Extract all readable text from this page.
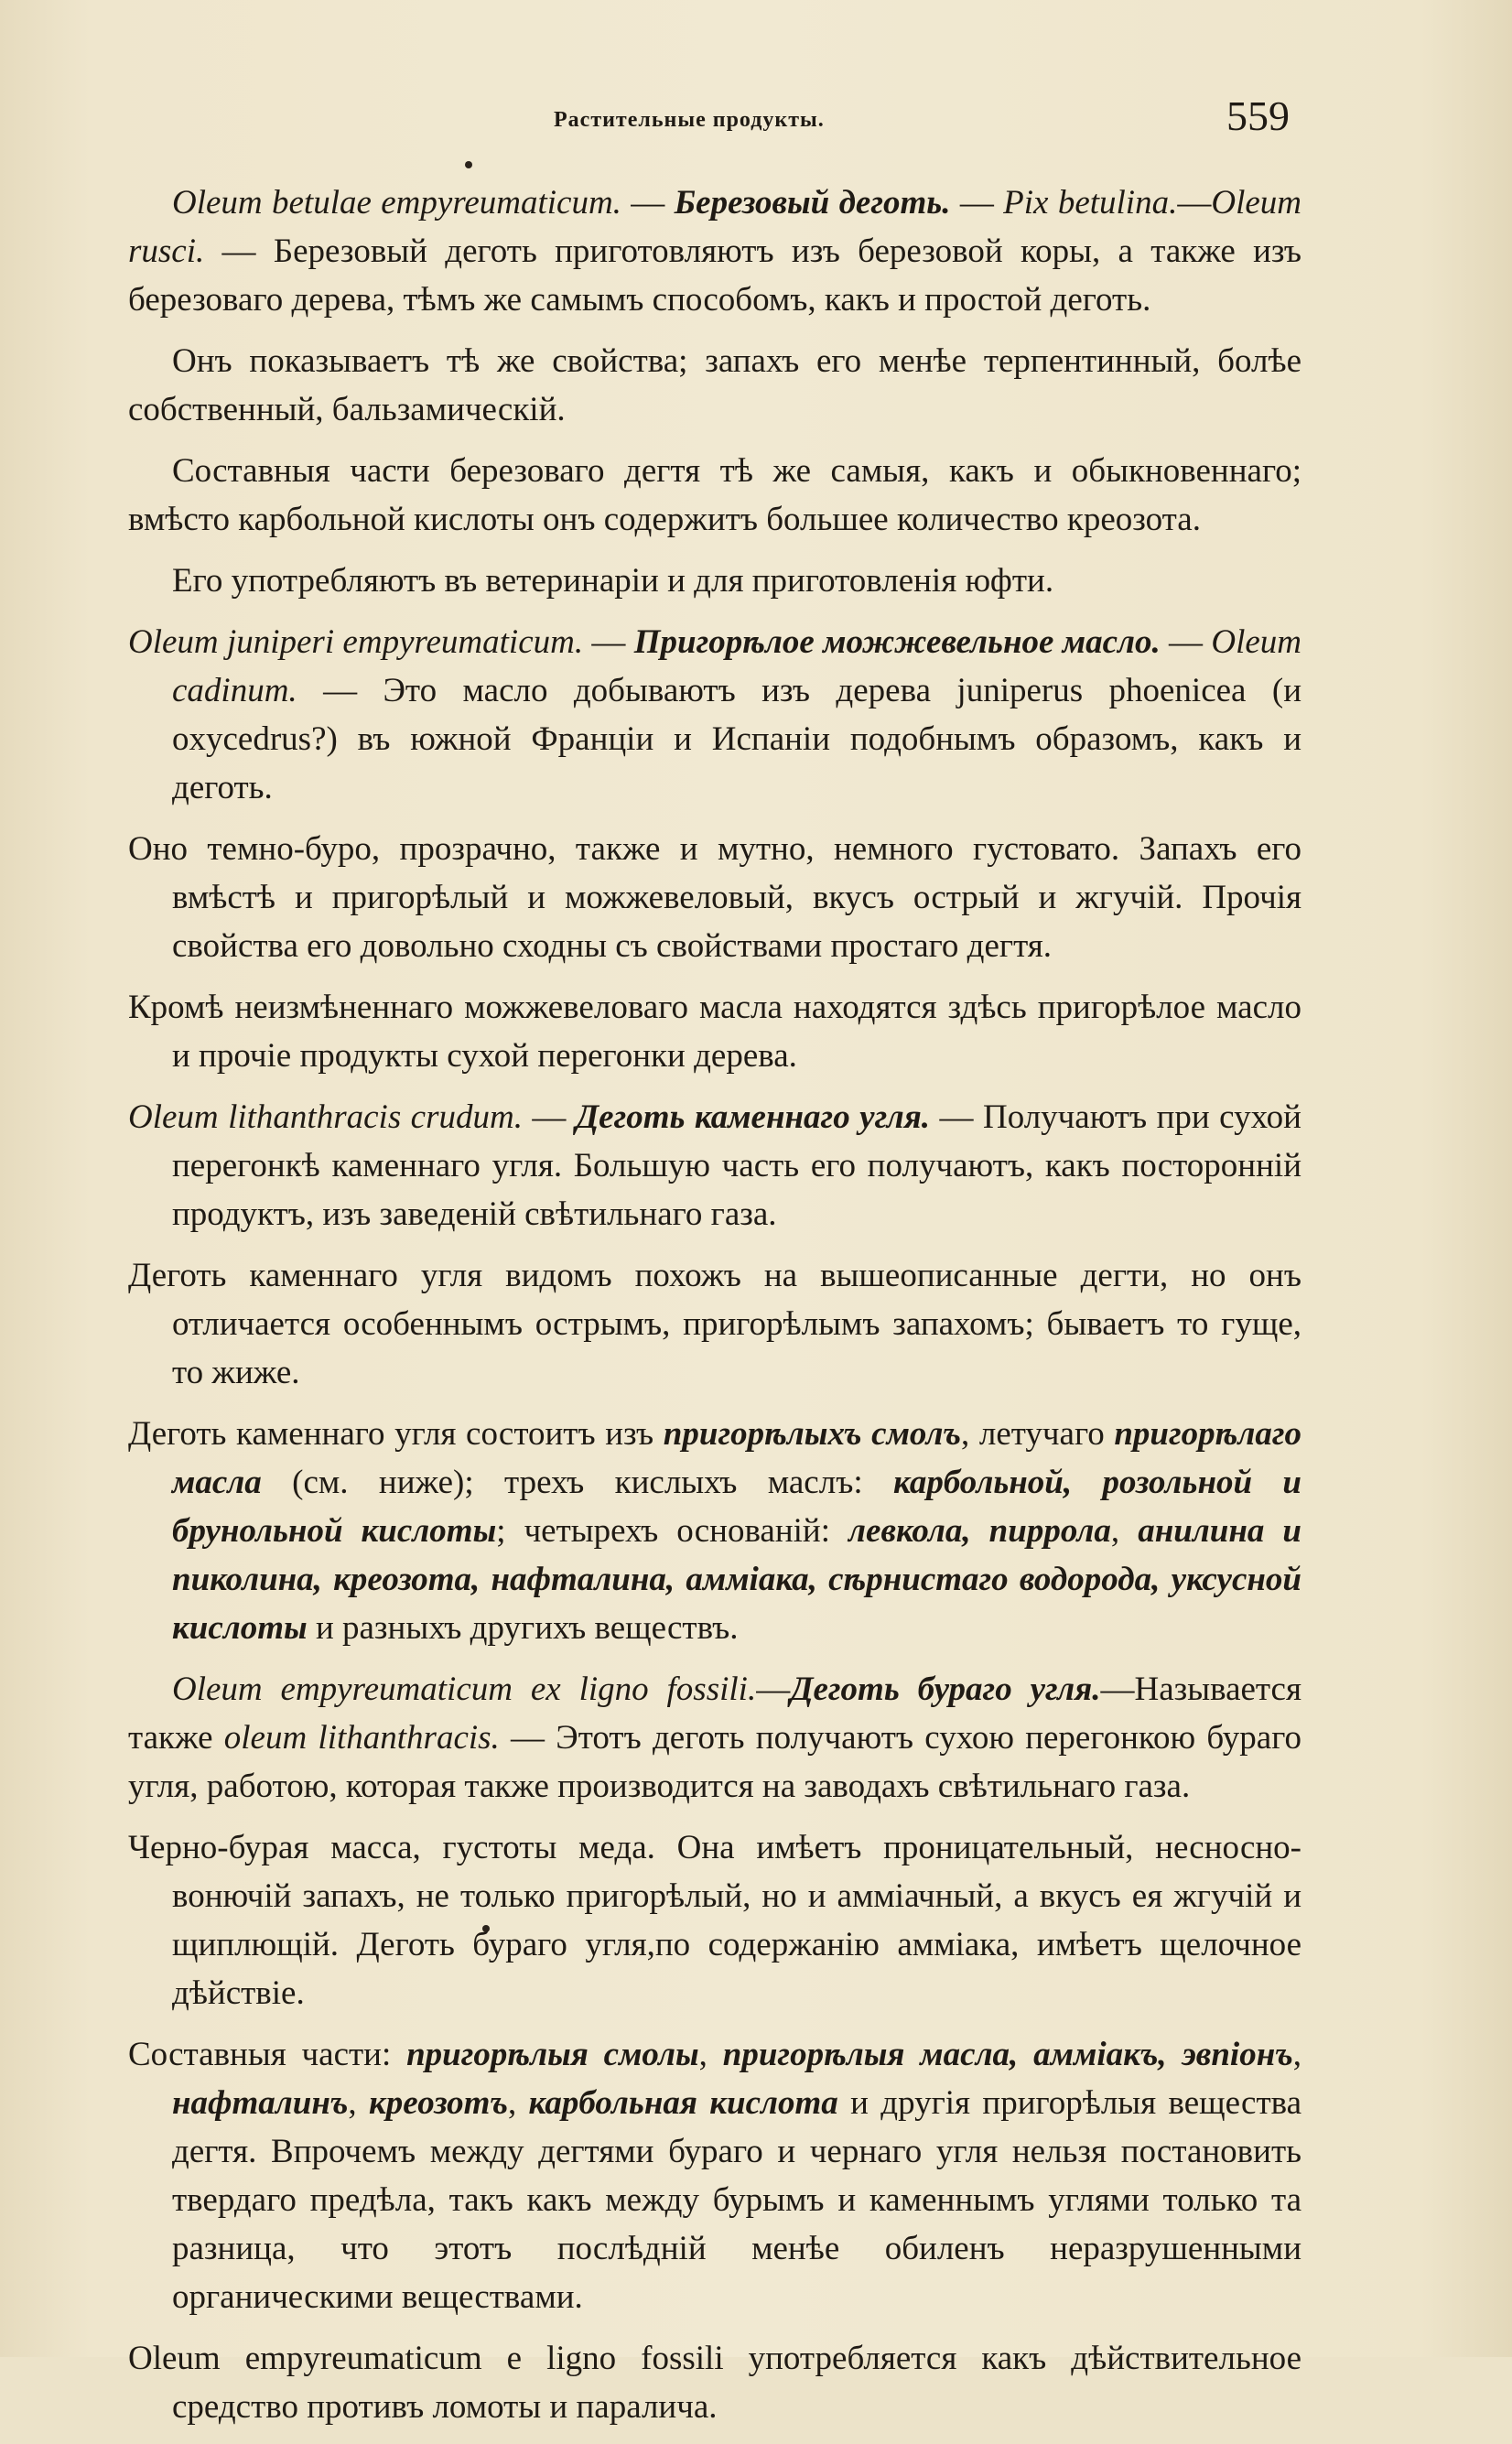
Растительные продукты.	559

Oleum betulae empyreumaticum. — Березовый деготь. — Pix betulina.—Oleum rusci. — Березовый деготь приготовляютъ изъ березовой коры, а также изъ березоваго дерева, тѣмъ же самымъ способомъ, какъ и простой деготь.

Онъ показываетъ тѣ же свойства; запахъ его менѣе терпентинный, болѣе собственный, бальзамическій.

Составныя части березоваго дегтя тѣ же самыя, какъ и обыкновеннаго; вмѣсто карбольной кислоты онъ содержитъ большее количество креозота.

Его употребляютъ въ ветеринаріи и для приготовленія юфти.

Oleum juniperi empyreumaticum. — Пригорѣлое можжевельное масло. — Oleum cadinum. — Это масло добываютъ изъ дерева juniperus phoenicea (и oxycedrus?) въ южной Франціи и Испаніи подобнымъ образомъ, какъ и деготь.

Оно темно-буро, прозрачно, также и мутно, немного густовато. Запахъ его вмѣстѣ и пригорѣлый и можжевеловый, вкусъ острый и жгучій. Прочія свойства его довольно сходны съ свойствами простаго дегтя.

Кромѣ неизмѣненнаго можжевеловаго масла находятся здѣсь пригорѣлое масло и прочіе продукты сухой перегонки дерева.

Oleum lithanthracis crudum. — Деготь каменнаго угля. — Получаютъ при сухой перегонкѣ каменнаго угля. Большую часть его получаютъ, какъ посторонній продуктъ, изъ заведеній свѣтильнаго газа.

Деготь каменнаго угля видомъ похожъ на вышеописанные дегти, но онъ отличается особеннымъ острымъ, пригорѣлымъ запахомъ; бываетъ то гуще, то жиже.

Деготь каменнаго угля состоитъ изъ пригорѣлыхъ смолъ, летучаго пригорѣлаго масла (см. ниже); трехъ кислыхъ маслъ: карбольной, розольной и брунольной кислоты; четырехъ основаній: левкола, пиррола, анилина и пиколина, креозота, нафталина, аммiака, сѣрнистаго водорода, уксусной кислоты и разныхъ другихъ веществъ.

Oleum empyreumaticum ex ligno fossili.—Деготь бураго угля.—Называется также oleum lithanthracis. — Этотъ деготь получаютъ сухою перегонкою бураго угля, работою, которая также производится на заводахъ свѣтильнаго газа.

Черно-бурая масса, густоты меда. Она имѣетъ проницательный, несносно-вонючій запахъ, не только пригорѣлый, но и аммiачный, а вкусъ ея жгучій и щиплющій. Деготь бураго угля,по содержанію аммiака, имѣетъ щелочное дѣйствіе.

Составныя части: пригорѣлыя смолы, пригорѣлыя масла, аммiакъ, эвпіонъ, нафталинъ, креозотъ, карбольная кислота и другія пригорѣлыя вещества дегтя. Впрочемъ между дегтями бураго и чернаго угля нельзя постановить твердаго предѣла, такъ какъ между бурымъ и каменнымъ углями только та разница, что этотъ послѣдній менѣе обиленъ неразрушенными органическими веществами.

Oleum empyreumaticum e ligno fossili употребляется какъ дѣйствительное средство противъ ломоты и паралича.
